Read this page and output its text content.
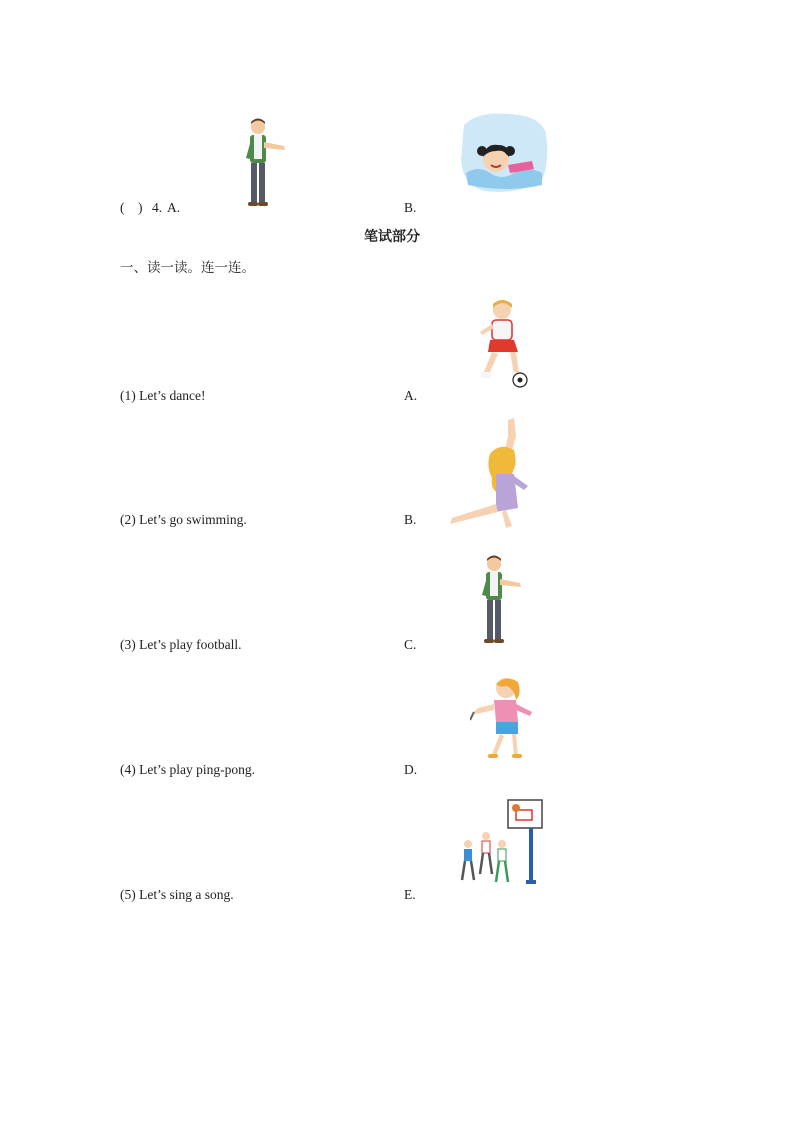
( ) 4. A.	B.
笔试部分
一、读一读。连一连。
(1) Let’s dance!	A.
(2) Let’s go swimming.	B.
(3) Let’s play football.	C.
(4) Let’s play ping-pong.	D.
(5) Let’s sing a song.	E.
